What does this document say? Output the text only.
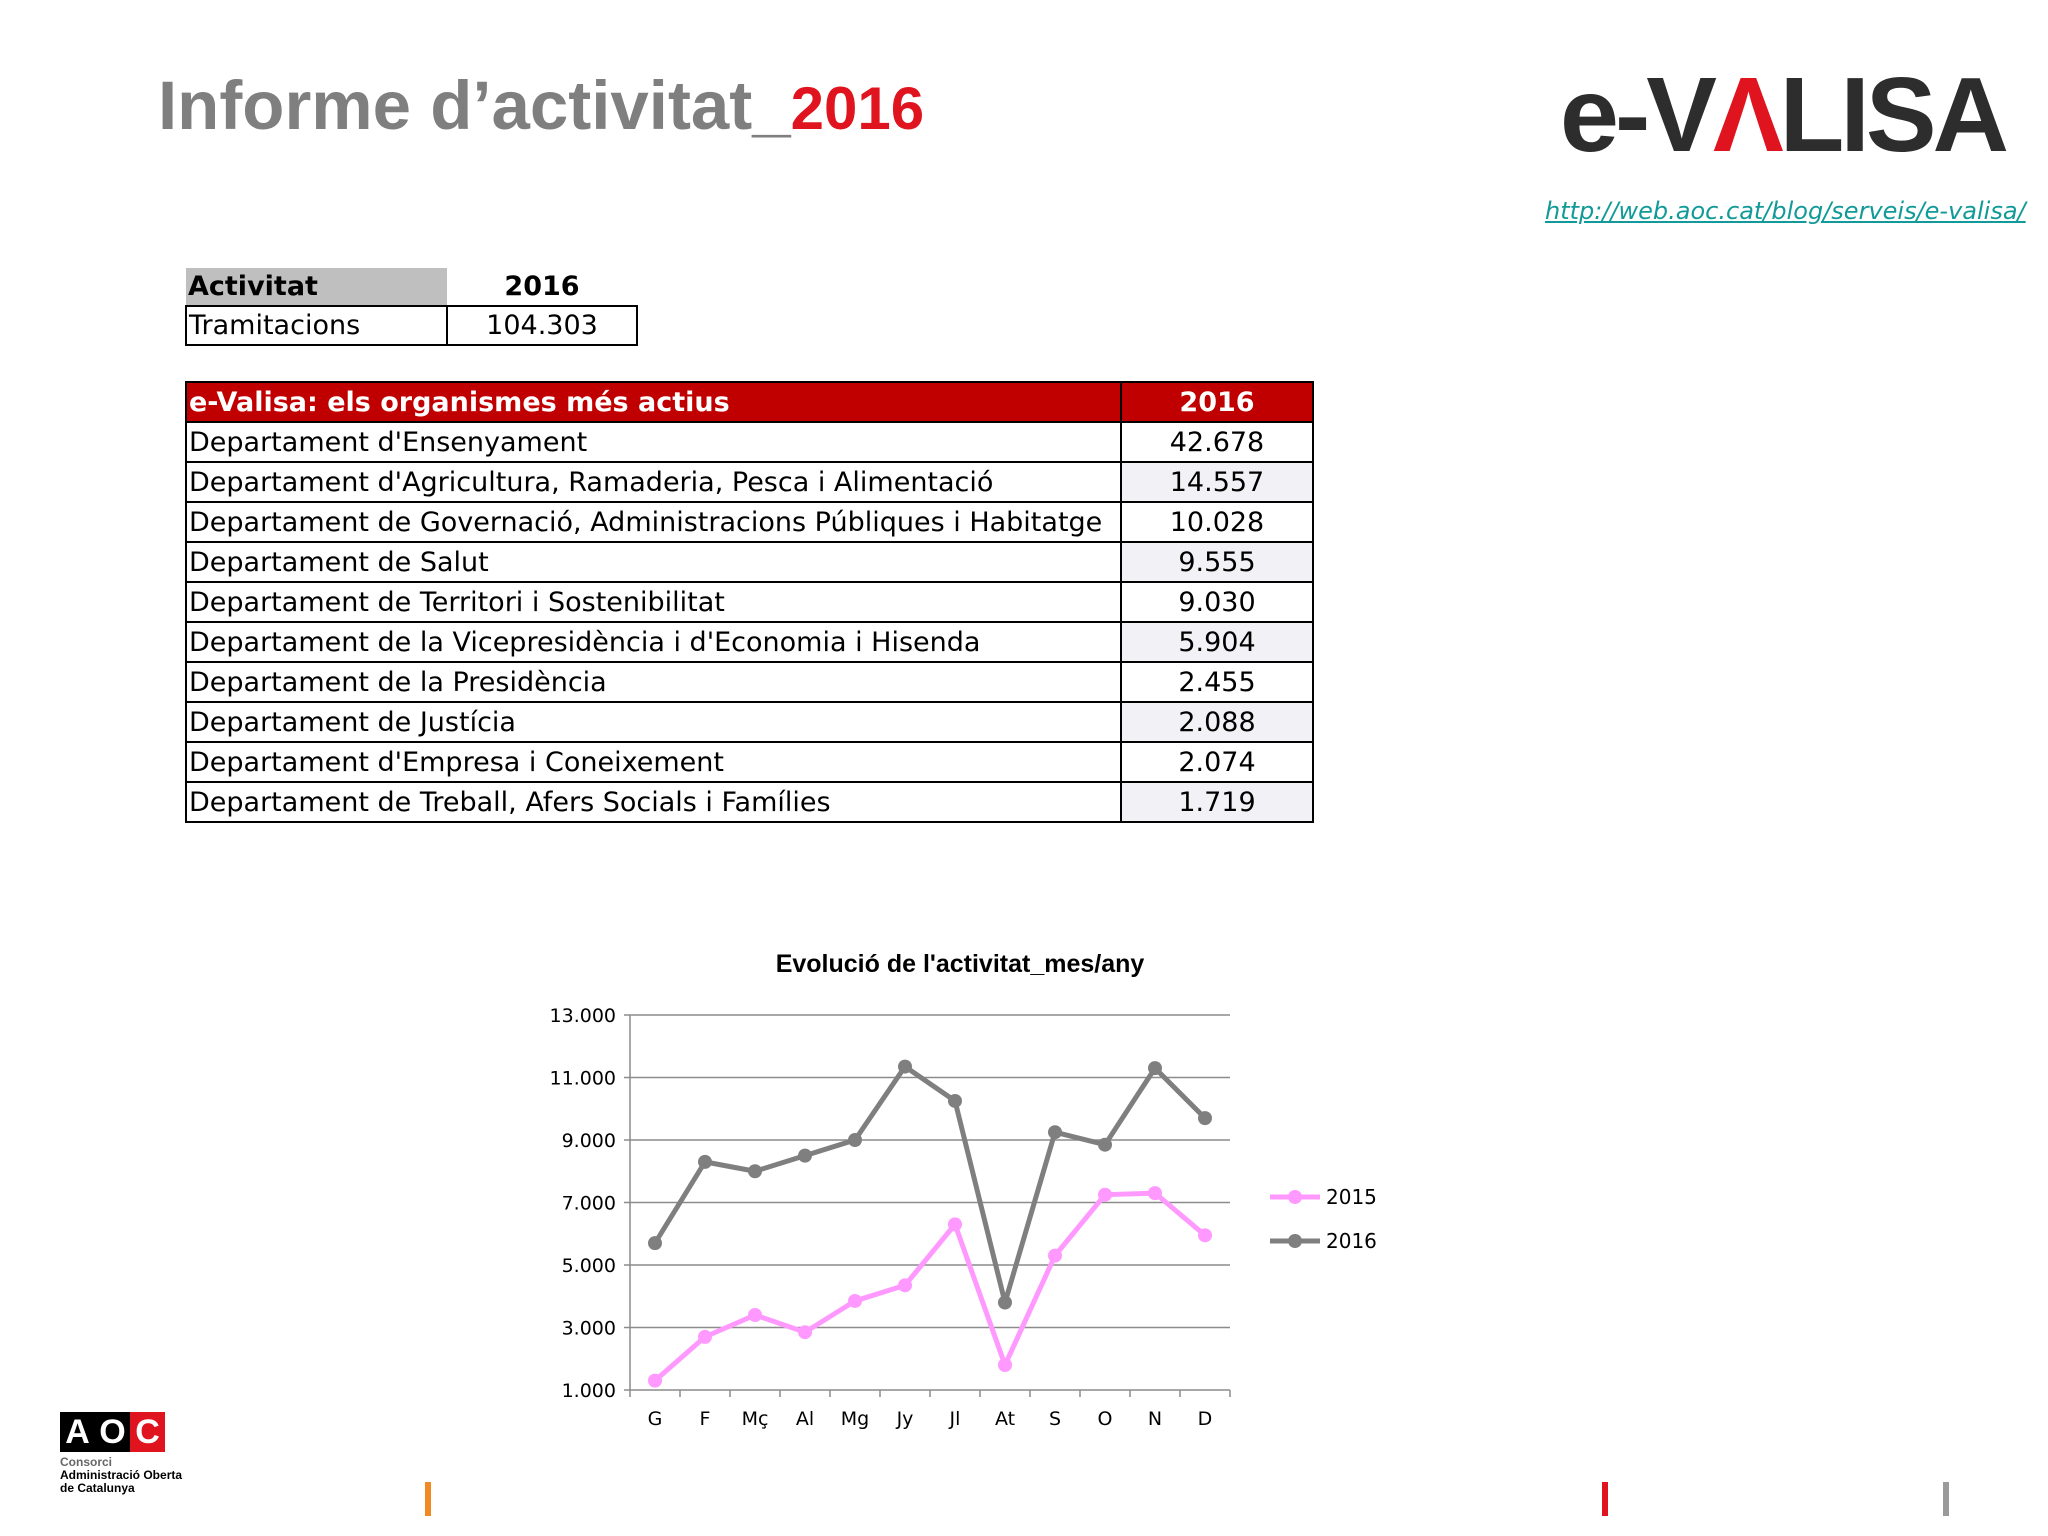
Informe d’activitat_2016	e-VΛLISA
http://web.aoc.cat/blog/serveis/e-valisa/
Activitat	2016
Tramitacions	104.303
e-Valisa: els organismes més actius	2016
Departament d'Ensenyament	42.678
Departament d'Agricultura, Ramaderia, Pesca i Alimentació	14.557
Departament de Governació, Administracions Públiques i Habitatge	10.028
Departament de Salut	9.555
Departament de Territori i Sostenibilitat	9.030
Departament de la Vicepresidència i d'Economia i Hisenda	5.904
Departament de la Presidència	2.455
Departament de Justícia	2.088
Departament d'Empresa i Coneixement	2.074
Departament de Treball, Afers Socials i Famílies	1.719
Evolució de l'activitat_mes/any
1.000
3.000
5.000
7.000
9.000
11.000
13.000
G F Mç Al Mg Jy Jl At S O N D
2015
2016
A O C
Consorci
Administració Oberta
de Catalunya
